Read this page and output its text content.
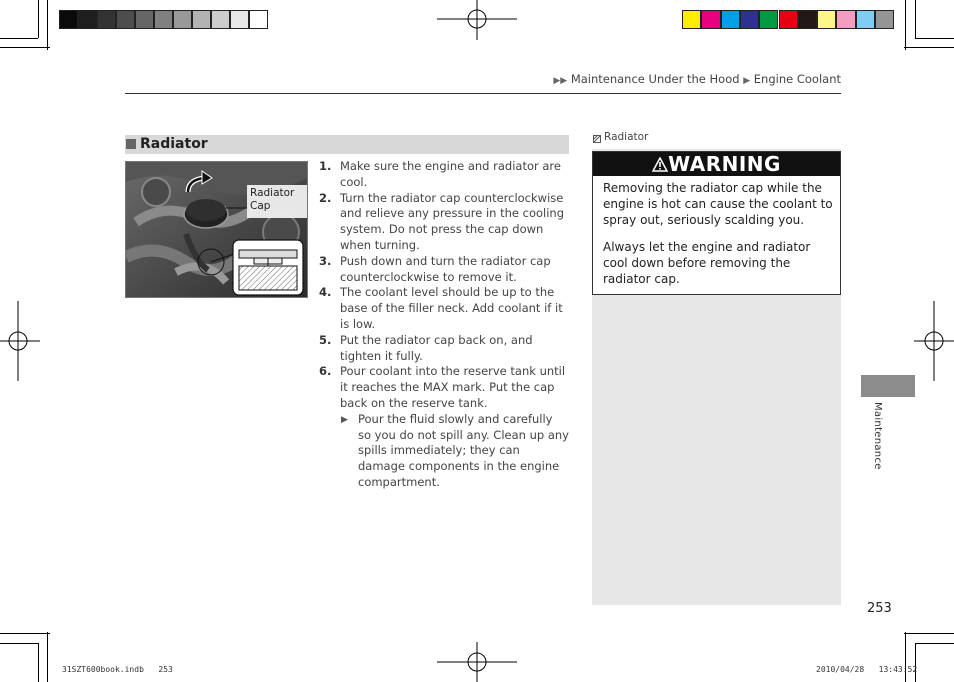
▶▶ Maintenance Under the Hood ▶ Engine Coolant
Radiator
Radiator
Cap
1. Make sure the engine and radiator are cool.
2. Turn the radiator cap counterclockwise and relieve any pressure in the cooling system. Do not press the cap down when turning.
3. Push down and turn the radiator cap counterclockwise to remove it.
4. The coolant level should be up to the base of the filler neck. Add coolant if it is low.
5. Put the radiator cap back on, and tighten it fully.
6. Pour coolant into the reserve tank until it reaches the MAX mark. Put the cap back on the reserve tank.
▶ Pour the fluid slowly and carefully so you do not spill any. Clean up any spills immediately; they can damage components in the engine compartment.
Radiator
WARNING

Removing the radiator cap while the engine is hot can cause the coolant to spray out, seriously scalding you.

Always let the engine and radiator cool down before removing the radiator cap.

Maintenance
253
31SZT600book.indb 253	2010/04/28 13:43:52
